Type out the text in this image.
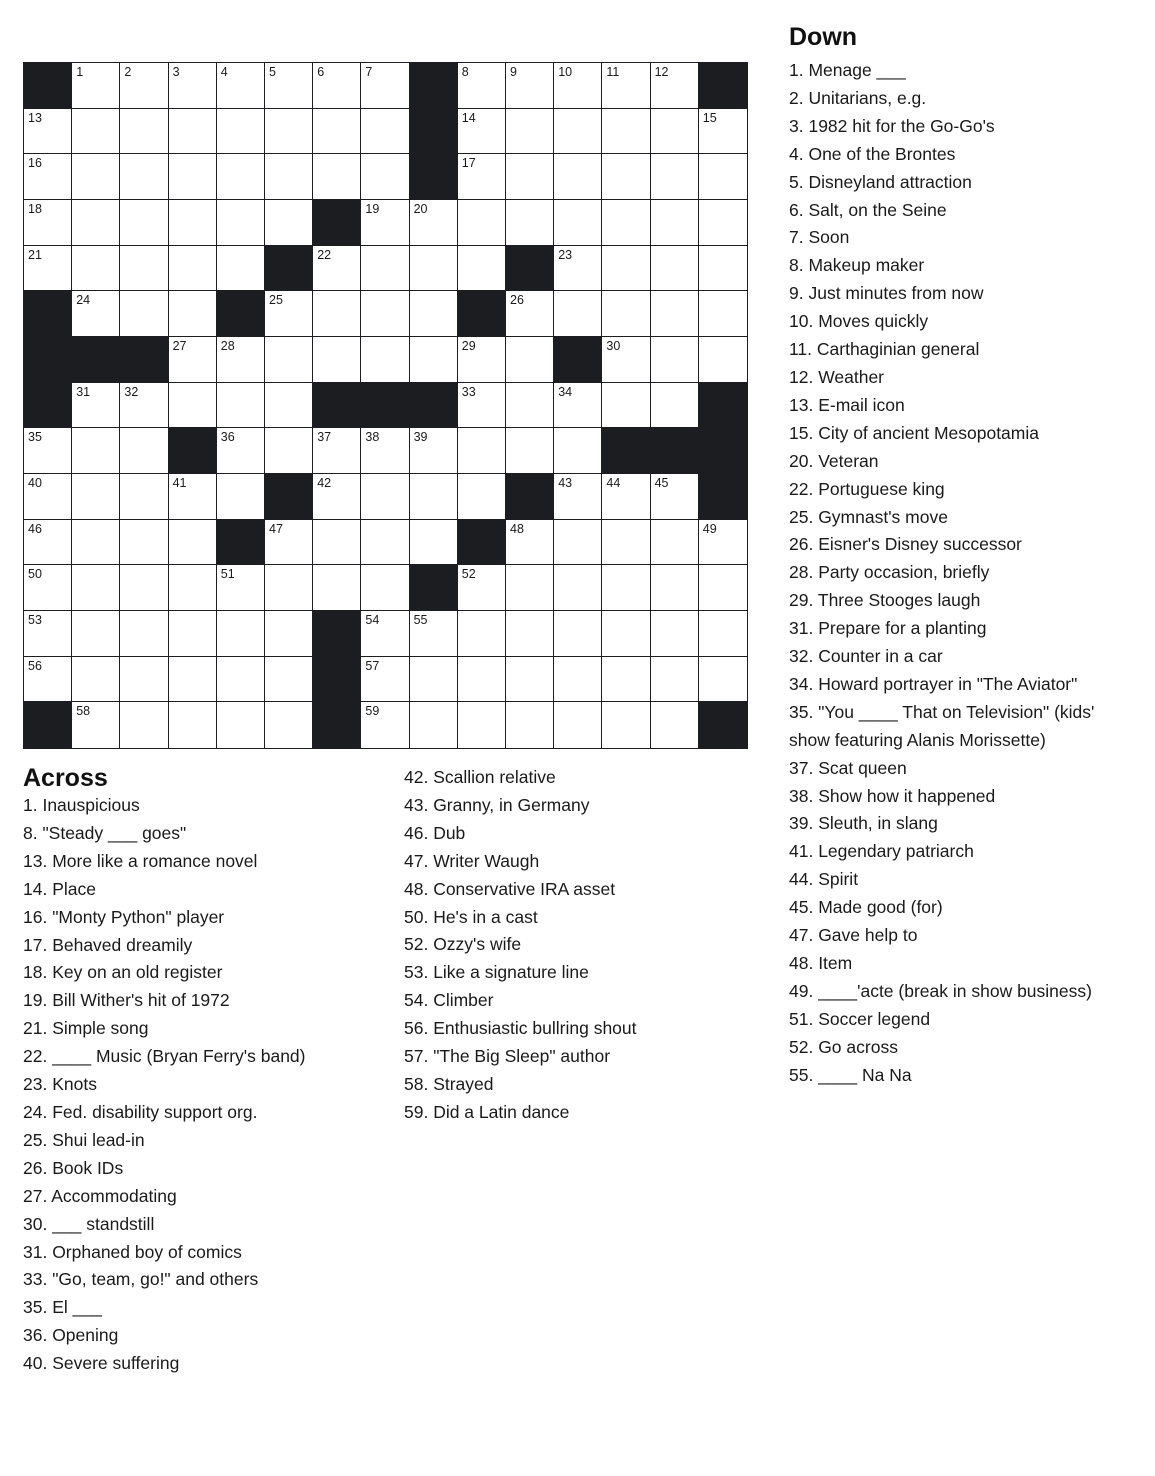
1	2	3	4	5	6	7	8	9	10	11	12
13	14	15
16	17
18	19	20
21	22	23
24	25	26
27	28	29	30
31	32	33	34
35	36	37	38	39
40	41	42	43	44	45
46	47	48	49
50	51	52
53	54	55
56	57
58	59
Across
1. Inauspicious
8. "Steady ___ goes"
13. More like a romance novel
14. Place
16. "Monty Python" player
17. Behaved dreamily
18. Key on an old register
19. Bill Wither's hit of 1972
21. Simple song
22. ____ Music (Bryan Ferry's band)
23. Knots
24. Fed. disability support org.
25. Shui lead-in
26. Book IDs
27. Accommodating
30. ___ standstill
31. Orphaned boy of comics
33. "Go, team, go!" and others
35. El ___
36. Opening
40. Severe suffering
42. Scallion relative
43. Granny, in Germany
46. Dub
47. Writer Waugh
48. Conservative IRA asset
50. He's in a cast
52. Ozzy's wife
53. Like a signature line
54. Climber
56. Enthusiastic bullring shout
57. "The Big Sleep" author
58. Strayed
59. Did a Latin dance
Down
1. Menage ___
2. Unitarians, e.g.
3. 1982 hit for the Go-Go's
4. One of the Brontes
5. Disneyland attraction
6. Salt, on the Seine
7. Soon
8. Makeup maker
9. Just minutes from now
10. Moves quickly
11. Carthaginian general
12. Weather
13. E-mail icon
15. City of ancient Mesopotamia
20. Veteran
22. Portuguese king
25. Gymnast's move
26. Eisner's Disney successor
28. Party occasion, briefly
29. Three Stooges laugh
31. Prepare for a planting
32. Counter in a car
34. Howard portrayer in "The Aviator"
35. "You ____ That on Television" (kids' show featuring Alanis Morissette)
37. Scat queen
38. Show how it happened
39. Sleuth, in slang
41. Legendary patriarch
44. Spirit
45. Made good (for)
47. Gave help to
48. Item
49. ____'acte (break in show business)
51. Soccer legend
52. Go across
55. ____ Na Na
